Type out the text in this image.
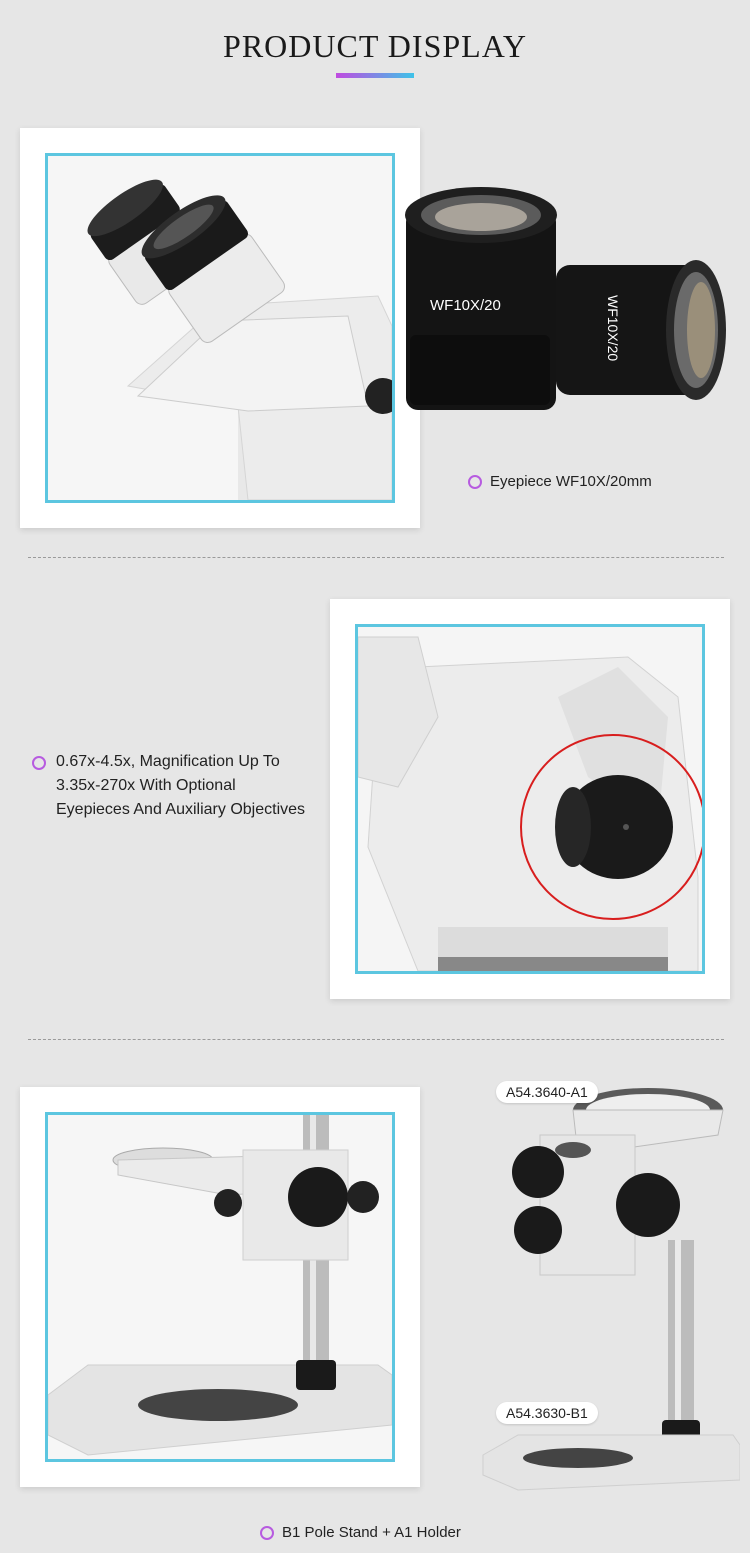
PRODUCT DISPLAY
WF10X/20	WF10X/20
Eyepiece WF10X/20mm
0.67x-4.5x, Magnification Up To 3.35x-270x With Optional Eyepieces And Auxiliary Objectives
A54.3640-A1
A54.3630-B1
B1 Pole Stand + A1 Holder
